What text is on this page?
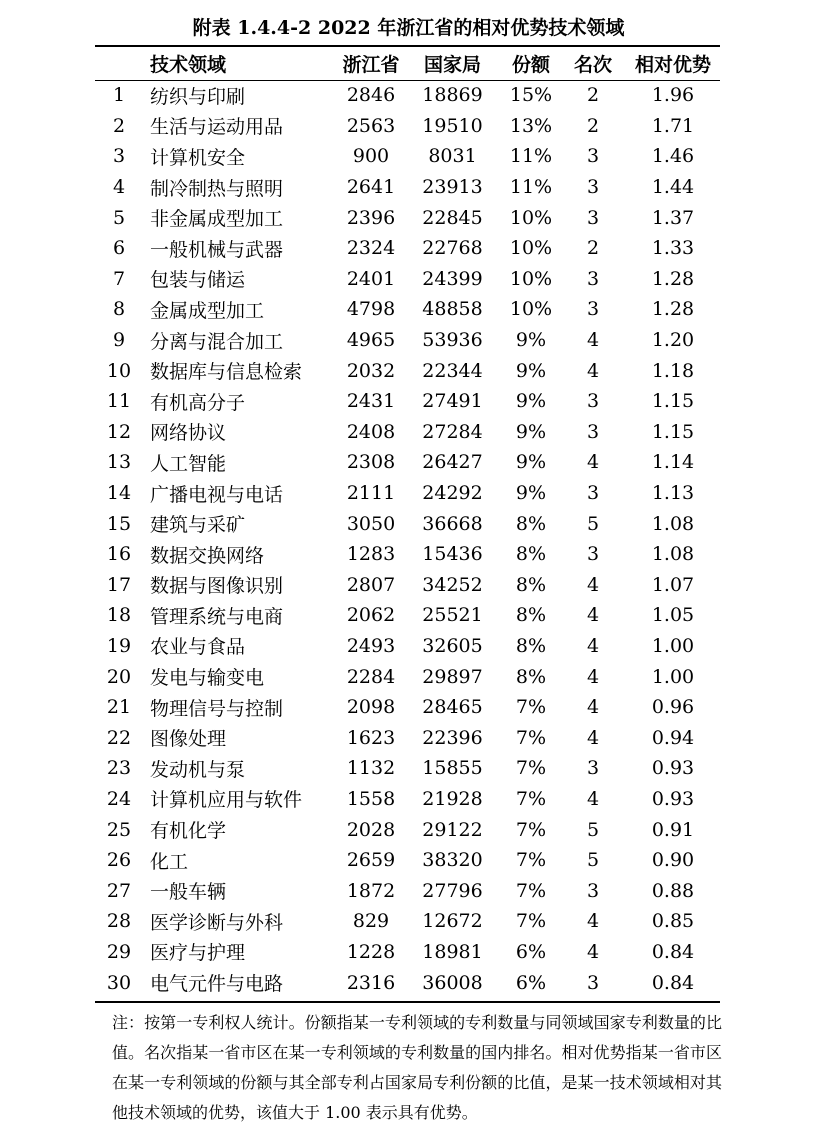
附表 1.4.4-2 2022 年浙江省的相对优势技术领域
	技术领域	浙江省	国家局	份额	名次	相对优势
1	纺织与印刷	2846	18869	15%	2	1.96
2	生活与运动用品	2563	19510	13%	2	1.71
3	计算机安全	900	8031	11%	3	1.46
4	制冷制热与照明	2641	23913	11%	3	1.44
5	非金属成型加工	2396	22845	10%	3	1.37
6	一般机械与武器	2324	22768	10%	2	1.33
7	包装与储运	2401	24399	10%	3	1.28
8	金属成型加工	4798	48858	10%	3	1.28
9	分离与混合加工	4965	53936	9%	4	1.20
10	数据库与信息检索	2032	22344	9%	4	1.18
11	有机高分子	2431	27491	9%	3	1.15
12	网络协议	2408	27284	9%	3	1.15
13	人工智能	2308	26427	9%	4	1.14
14	广播电视与电话	2111	24292	9%	3	1.13
15	建筑与采矿	3050	36668	8%	5	1.08
16	数据交换网络	1283	15436	8%	3	1.08
17	数据与图像识别	2807	34252	8%	4	1.07
18	管理系统与电商	2062	25521	8%	4	1.05
19	农业与食品	2493	32605	8%	4	1.00
20	发电与输变电	2284	29897	8%	4	1.00
21	物理信号与控制	2098	28465	7%	4	0.96
22	图像处理	1623	22396	7%	4	0.94
23	发动机与泵	1132	15855	7%	3	0.93
24	计算机应用与软件	1558	21928	7%	4	0.93
25	有机化学	2028	29122	7%	5	0.91
26	化工	2659	38320	7%	5	0.90
27	一般车辆	1872	27796	7%	3	0.88
28	医学诊断与外科	829	12672	7%	4	0.85
29	医疗与护理	1228	18981	6%	4	0.84
30	电气元件与电路	2316	36008	6%	3	0.84
注：按第一专利权人统计。份额指某一专利领域的专利数量与同领域国家专利数量的比值。名次指某一省市区在某一专利领域的专利数量的国内排名。相对优势指某一省市区在某一专利领域的份额与其全部专利占国家局专利份额的比值，是某一技术领域相对其他技术领域的优势，该值大于 1.00 表示具有优势。
